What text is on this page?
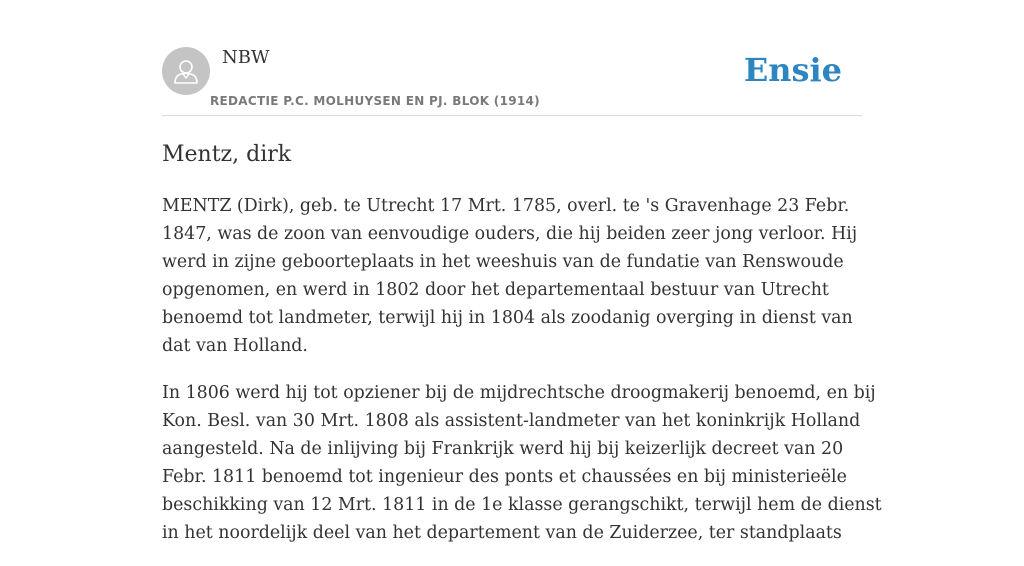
NBW
REDACTIE P.C. MOLHUYSEN EN PJ. BLOK (1914)
Ensie
Mentz, dirk

MENTZ (Dirk), geb. te Utrecht 17 Mrt. 1785, overl. te 's Gravenhage 23 Febr. 1847, was de zoon van eenvoudige ouders, die hij beiden zeer jong verloor. Hij werd in zijne geboorteplaats in het weeshuis van de fundatie van Renswoude opgenomen, en werd in 1802 door het departementaal bestuur van Utrecht benoemd tot landmeter, terwijl hij in 1804 als zoodanig overging in dienst van dat van Holland.

In 1806 werd hij tot opziener bij de mijdrechtsche droogmakerij benoemd, en bij Kon. Besl. van 30 Mrt. 1808 als assistent-landmeter van het koninkrijk Holland aangesteld. Na de inlijving bij Frankrijk werd hij bij keizerlijk decreet van 20 Febr. 1811 benoemd tot ingenieur des ponts et chaussées en bij ministerieële beschikking van 12 Mrt. 1811 in de 1e klasse gerangschikt, terwijl hem de dienst in het noordelijk deel van het departement van de Zuiderzee, ter standplaats
